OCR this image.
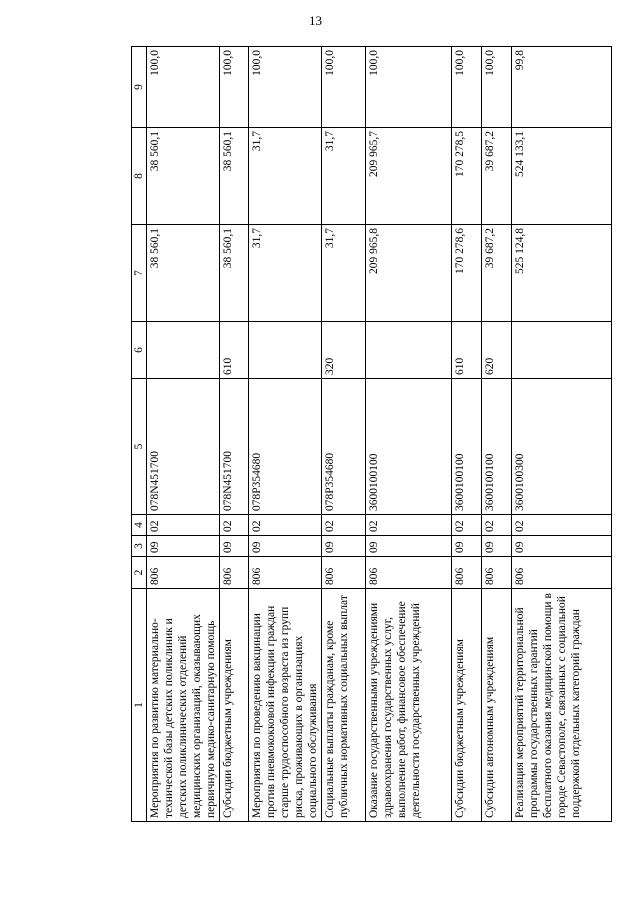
13
1	2	3	4	5	6	7	8	9
Мероприятия по развитию материально-технической базы детских поликлиник и детских поликлинических отделений медицинских организаций, оказывающих первичную медико-санитарную помощь	806	09	02	078N451700		38 560,1	38 560,1	100,0
Субсидии бюджетным учреждениям	806	09	02	078N451700	610	38 560,1	38 560,1	100,0
Мероприятия по проведению вакцинации против пневмококковой инфекции граждан старше трудоспособного возраста из групп риска, проживающих в организациях социального обслуживания	806	09	02	078P354680		31,7	31,7	100,0
Социальные выплаты гражданам, кроме публичных нормативных социальных выплат	806	09	02	078P354680	320	31,7	31,7	100,0
Оказание государственными учреждениями здравоохранения государственных услуг, выполнение работ, финансовое обеспечение деятельности государственных учреждений	806	09	02	3600100100		209 965,8	209 965,7	100,0
Субсидии бюджетным учреждениям	806	09	02	3600100100	610	170 278,6	170 278,5	100,0
Субсидии автономным учреждениям	806	09	02	3600100100	620	39 687,2	39 687,2	100,0
Реализация мероприятий территориальной программы государственных гарантий бесплатного оказания медицинской помощи в городе Севастополе, связанных с социальной поддержкой отдельных категорий граждан	806	09	02	3600100300		525 124,8	524 133,1	99,8
